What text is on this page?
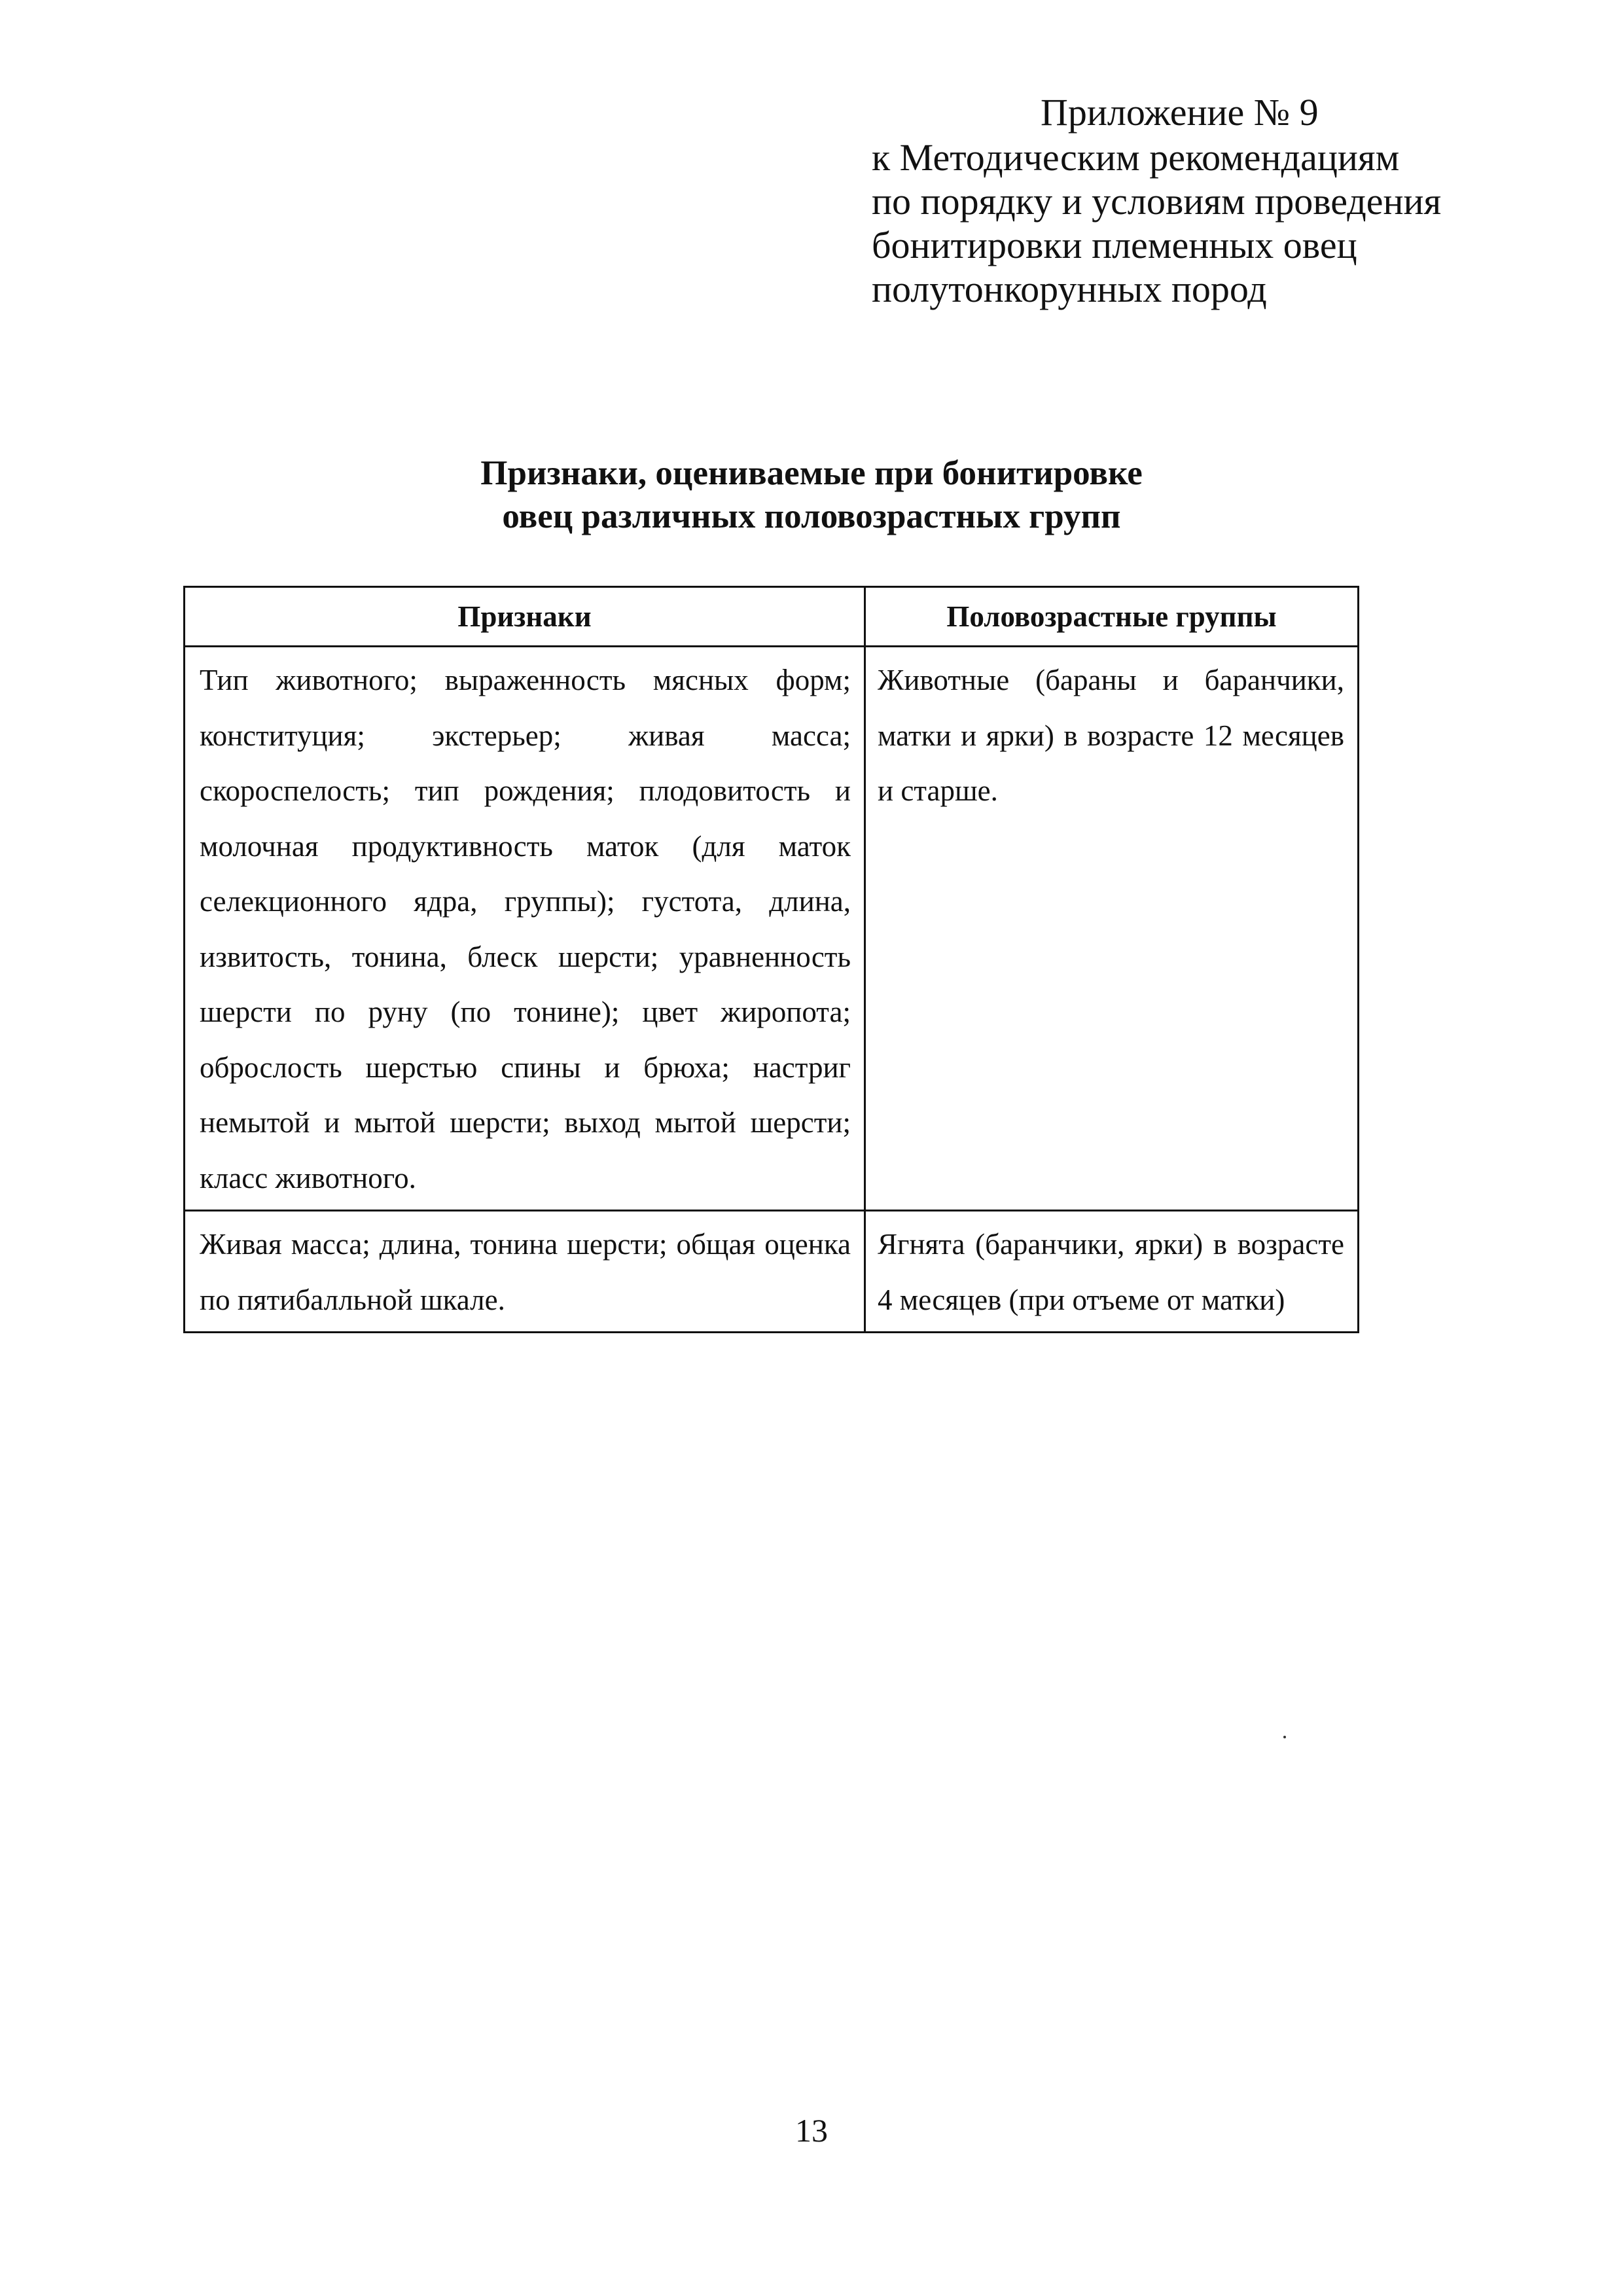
Приложение № 9
к Методическим рекомендациям
по порядку и условиям проведения
бонитировки племенных овец
полутонкорунных пород
Признаки, оцениваемые при бонитировке
овец различных половозрастных групп
Признаки	Половозрастные группы
Тип животного; выраженность мясных форм; конституция; экстерьер; живая масса; скороспелость; тип рождения; плодовитость и молочная продуктивность маток (для маток селекционного ядра, группы); густота, длина, извитость, тонина, блеск шерсти; уравненность шерсти по руну (по тонине); цвет жиропота; оброслость шерстью спины и брюха; настриг немытой и мытой шерсти; выход мытой шерсти; класс животного.	Животные (бараны и баранчики, матки и ярки) в возрасте 12 месяцев и старше.
Живая масса; длина, тонина шерсти; общая оценка по пятибалльной шкале.	Ягнята (баранчики, ярки) в возрасте 4 месяцев (при отъеме от матки)
13
